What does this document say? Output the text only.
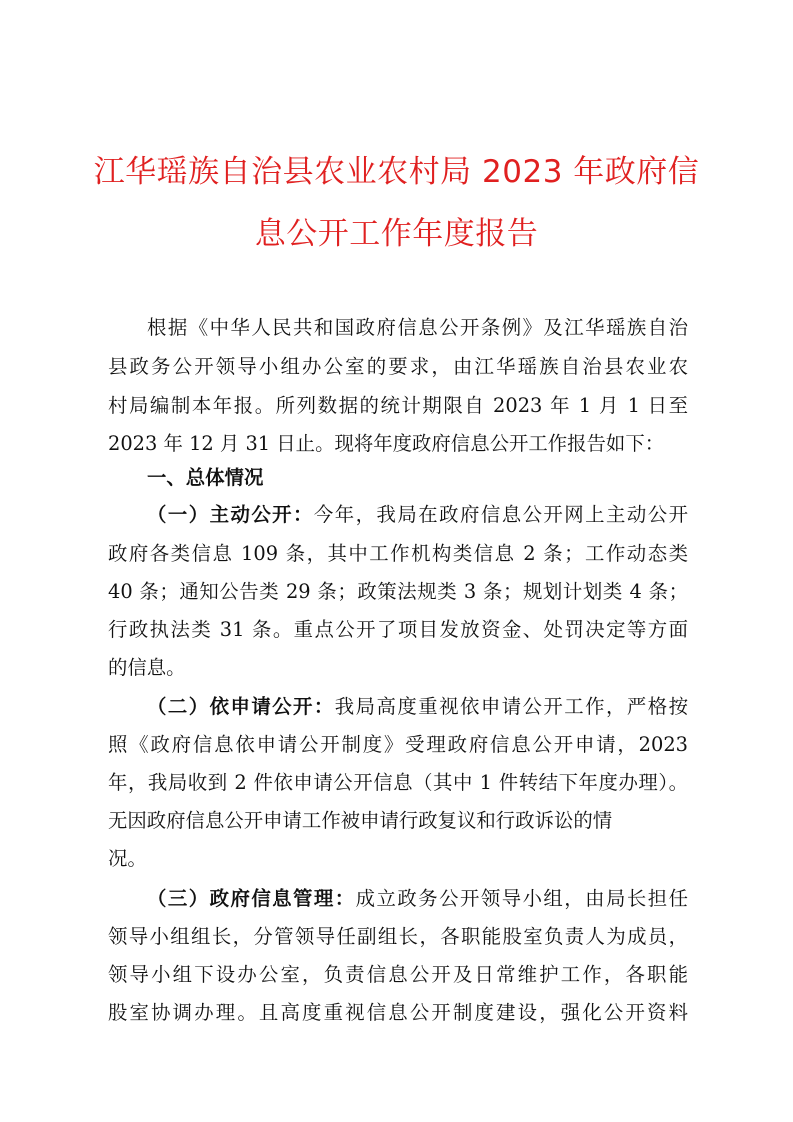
江华瑶族自治县农业农村局 2023 年政府信
息公开工作年度报告
根据《中华人民共和国政府信息公开条例》及江华瑶族自治
县政务公开领导小组办公室的要求，由江华瑶族自治县农业农
村局编制本年报。所列数据的统计期限自 2023 年 1 月 1 日至
2023 年 12 月 31 日止。现将年度政府信息公开工作报告如下：
一、总体情况
（一）主动公开：今年，我局在政府信息公开网上主动公开
政府各类信息 109 条，其中工作机构类信息 2 条；工作动态类
40 条；通知公告类 29 条；政策法规类 3 条；规划计划类 4 条；
行政执法类 31 条。重点公开了项目发放资金、处罚决定等方面
的信息。
（二）依申请公开：我局高度重视依申请公开工作，严格按
照《政府信息依申请公开制度》受理政府信息公开申请，2023
年，我局收到 2 件依申请公开信息（其中 1 件转结下年度办理）。
无因政府信息公开申请工作被申请行政复议和行政诉讼的情
况。
（三）政府信息管理：成立政务公开领导小组，由局长担任
领导小组组长，分管领导任副组长，各职能股室负责人为成员，
领导小组下设办公室，负责信息公开及日常维护工作，各职能
股室协调办理。且高度重视信息公开制度建设，强化公开资料
